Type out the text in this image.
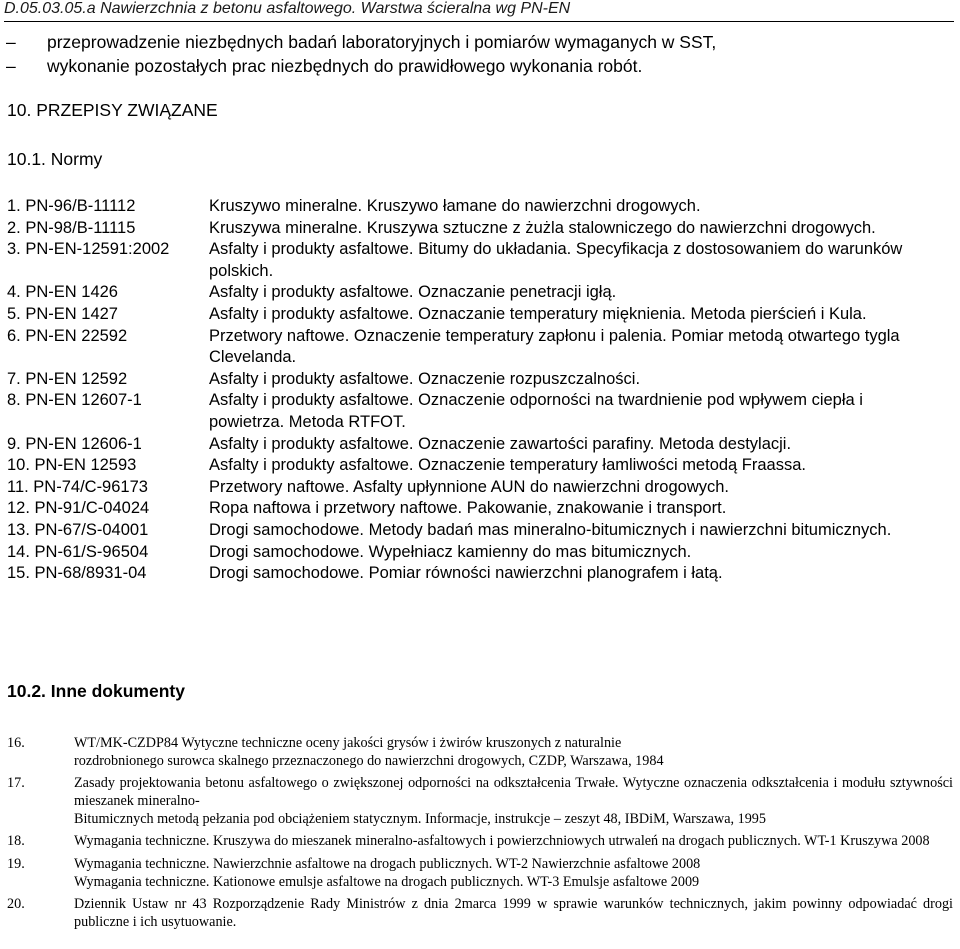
D.05.03.05.a Nawierzchnia z betonu asfaltowego. Warstwa ścieralna wg PN-EN
– przeprowadzenie niezbędnych badań laboratoryjnych i pomiarów wymaganych w SST,
– wykonanie pozostałych prac niezbędnych do prawidłowego wykonania robót.
10. PRZEPISY ZWIĄZANE
10.1. Normy
1. PN-96/B-11112	Kruszywo mineralne. Kruszywo łamane do nawierzchni drogowych.
2. PN-98/B-11115	Kruszywa mineralne. Kruszywa sztuczne z żużla stalowniczego do nawierzchni drogowych.
3. PN-EN-12591:2002	Asfalty i produkty asfaltowe. Bitumy do układania. Specyfikacja z dostosowaniem do warunków polskich.
4. PN-EN 1426	Asfalty i produkty asfaltowe. Oznaczanie penetracji igłą.
5. PN-EN 1427	Asfalty i produkty asfaltowe. Oznaczanie temperatury mięknienia. Metoda pierścień i Kula.
6. PN-EN 22592	Przetwory naftowe. Oznaczenie temperatury zapłonu i palenia. Pomiar metodą otwartego tygla Clevelanda.
7. PN-EN 12592	Asfalty i produkty asfaltowe. Oznaczenie rozpuszczalności.
8. PN-EN 12607-1	Asfalty i produkty asfaltowe. Oznaczenie odporności na twardnienie pod wpływem ciepła i powietrza. Metoda RTFOT.
9. PN-EN 12606-1	Asfalty i produkty asfaltowe. Oznaczenie zawartości parafiny. Metoda destylacji.
10. PN-EN 12593	Asfalty i produkty asfaltowe. Oznaczenie temperatury łamliwości metodą Fraassa.
11. PN-74/C-96173	Przetwory naftowe. Asfalty upłynnione AUN do nawierzchni drogowych.
12. PN-91/C-04024	Ropa naftowa i przetwory naftowe. Pakowanie, znakowanie i transport.
13. PN-67/S-04001	Drogi samochodowe. Metody badań mas mineralno-bitumicznych i nawierzchni bitumicznych.
14. PN-61/S-96504	Drogi samochodowe. Wypełniacz kamienny do mas bitumicznych.
15. PN-68/8931-04	Drogi samochodowe. Pomiar równości nawierzchni planografem i łatą.
10.2. Inne dokumenty
16.	WT/MK-CZDP84 Wytyczne techniczne oceny jakości grysów i żwirów kruszonych z naturalnie
rozdrobnionego surowca skalnego przeznaczonego do nawierzchni drogowych, CZDP, Warszawa, 1984
17.	Zasady projektowania betonu asfaltowego o zwiększonej odporności na odkształcenia Trwałe. Wytyczne oznaczenia odkształcenia i modułu sztywności mieszanek mineralno-
Bitumicznych metodą pełzania pod obciążeniem statycznym. Informacje, instrukcje – zeszyt 48, IBDiM, Warszawa, 1995
18.	Wymagania techniczne. Kruszywa do mieszanek mineralno-asfaltowych i powierzchniowych utrwaleń na drogach publicznych. WT-1 Kruszywa 2008
19.	Wymagania techniczne. Nawierzchnie asfaltowe na drogach publicznych. WT-2 Nawierzchnie asfaltowe 2008
Wymagania techniczne. Kationowe emulsje asfaltowe na drogach publicznych. WT-3 Emulsje asfaltowe 2009
20.	Dziennik Ustaw nr 43 Rozporządzenie Rady Ministrów z dnia 2marca 1999 w sprawie warunków technicznych, jakim powinny odpowiadać drogi publiczne i ich usytuowanie.
